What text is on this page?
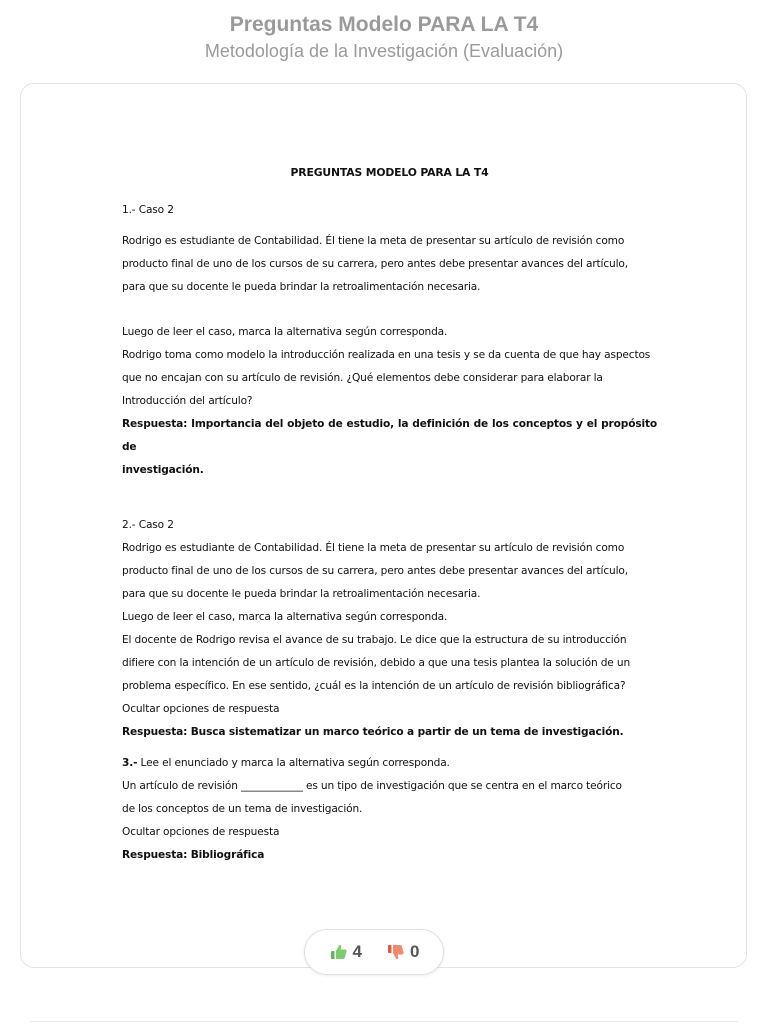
Preguntas Modelo PARA LA T4
Metodología de la Investigación (Evaluación)
PREGUNTAS MODELO PARA LA T4

1.- Caso 2

Rodrigo es estudiante de Contabilidad. Él tiene la meta de presentar su artículo de revisión como

producto final de uno de los cursos de su carrera, pero antes debe presentar avances del artículo,

para que su docente le pueda brindar la retroalimentación necesaria.

Luego de leer el caso, marca la alternativa según corresponda.

Rodrigo toma como modelo la introducción realizada en una tesis y se da cuenta de que hay aspectos

que no encajan con su artículo de revisión. ¿Qué elementos debe considerar para elaborar la

Introducción del artículo?

Respuesta: Importancia del objeto de estudio, la definición de los conceptos y el propósito de

investigación.

2.- Caso 2

Rodrigo es estudiante de Contabilidad. Él tiene la meta de presentar su artículo de revisión como

producto final de uno de los cursos de su carrera, pero antes debe presentar avances del artículo,

para que su docente le pueda brindar la retroalimentación necesaria.

Luego de leer el caso, marca la alternativa según corresponda.

El docente de Rodrigo revisa el avance de su trabajo. Le dice que la estructura de su introducción

difiere con la intención de un artículo de revisión, debido a que una tesis plantea la solución de un

problema específico. En ese sentido, ¿cuál es la intención de un artículo de revisión bibliográfica?

Ocultar opciones de respuesta

Respuesta: Busca sistematizar un marco teórico a partir de un tema de investigación.

3.- Lee el enunciado y marca la alternativa según corresponda.

Un artículo de revisión ____________ es un tipo de investigación que se centra en el marco teórico

de los conceptos de un tema de investigación.

Ocultar opciones de respuesta

Respuesta: Bibliográfica

4	0
